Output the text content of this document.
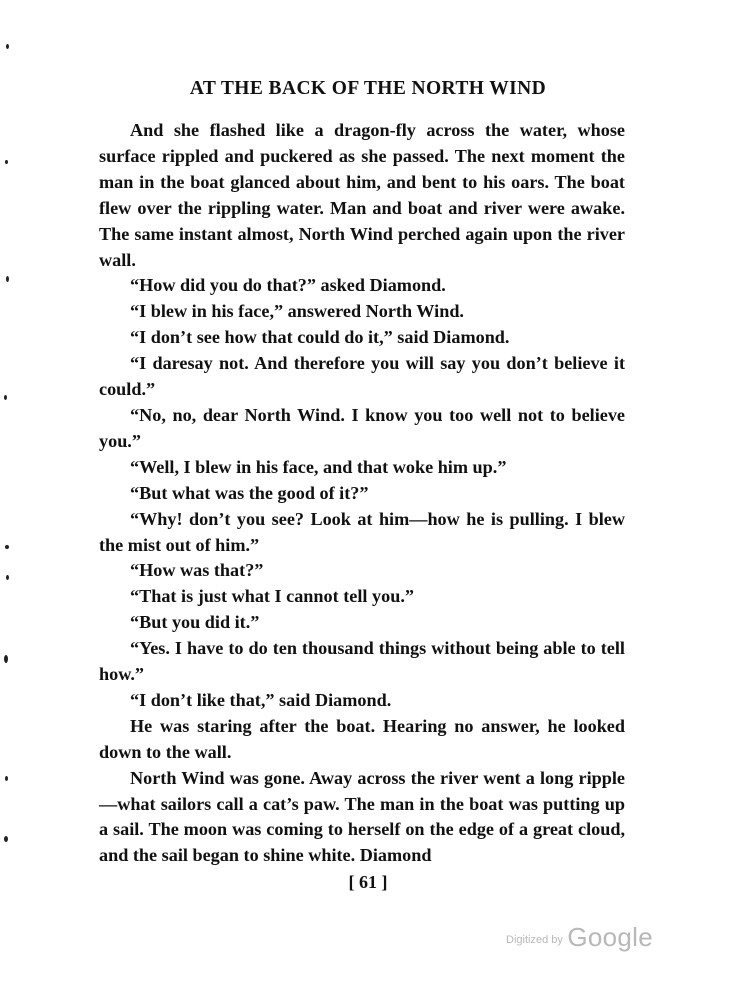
AT THE BACK OF THE NORTH WIND

And she flashed like a dragon-fly across the water, whose surface rippled and puckered as she passed. The next moment the man in the boat glanced about him, and bent to his oars. The boat flew over the rippling water. Man and boat and river were awake. The same instant almost, North Wind perched again upon the river wall.

“How did you do that?” asked Diamond.

“I blew in his face,” answered North Wind.

“I don’t see how that could do it,” said Diamond.

“I daresay not. And therefore you will say you don’t believe it could.”

“No, no, dear North Wind. I know you too well not to believe you.”

“Well, I blew in his face, and that woke him up.”

“But what was the good of it?”

“Why! don’t you see? Look at him—how he is pulling. I blew the mist out of him.”

“How was that?”

“That is just what I cannot tell you.”

“But you did it.”

“Yes. I have to do ten thousand things without being able to tell how.”

“I don’t like that,” said Diamond.

He was staring after the boat. Hearing no answer, he looked down to the wall.

North Wind was gone. Away across the river went a long ripple—what sailors call a cat’s paw. The man in the boat was putting up a sail. The moon was coming to herself on the edge of a great cloud, and the sail began to shine white. Diamond

[ 61 ]
Digitized by Google
